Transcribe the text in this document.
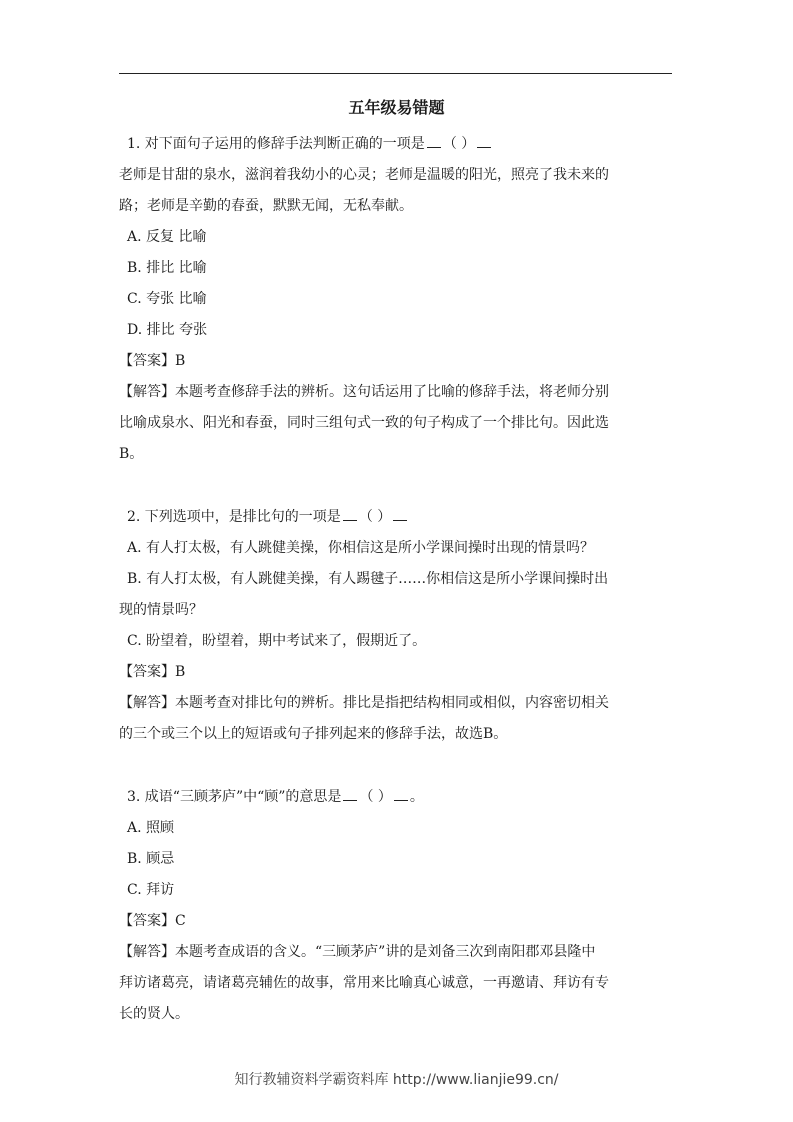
五年级易错题
1. 对下面句子运用的修辞手法判断正确的一项是 （ ）
老师是甘甜的泉水，滋润着我幼小的心灵；老师是温暖的阳光，照亮了我未来的
路；老师是辛勤的春蚕，默默无闻，无私奉献。
A. 反复 比喻
B. 排比 比喻
C. 夸张 比喻
D. 排比 夸张
【答案】B
【解答】本题考查修辞手法的辨析。这句话运用了比喻的修辞手法，将老师分别
比喻成泉水、阳光和春蚕，同时三组句式一致的句子构成了一个排比句。因此选
B。
2. 下列选项中，是排比句的一项是 （ ）
A. 有人打太极，有人跳健美操，你相信这是所小学课间操时出现的情景吗？
B. 有人打太极，有人跳健美操，有人踢毽子……你相信这是所小学课间操时出
现的情景吗？
C. 盼望着，盼望着，期中考试来了，假期近了。
【答案】B
【解答】本题考查对排比句的辨析。排比是指把结构相同或相似，内容密切相关
的三个或三个以上的短语或句子排列起来的修辞手法，故选B。
3. 成语“三顾茅庐”中“顾”的意思是 （ ） 。
A. 照顾
B. 顾忌
C. 拜访
【答案】C
【解答】本题考查成语的含义。“三顾茅庐”讲的是刘备三次到南阳郡邓县隆中
拜访诸葛亮，请诸葛亮辅佐的故事，常用来比喻真心诚意，一再邀请、拜访有专
长的贤人。
知行教辅资料学霸资料库 http://www.lianjie99.cn/
